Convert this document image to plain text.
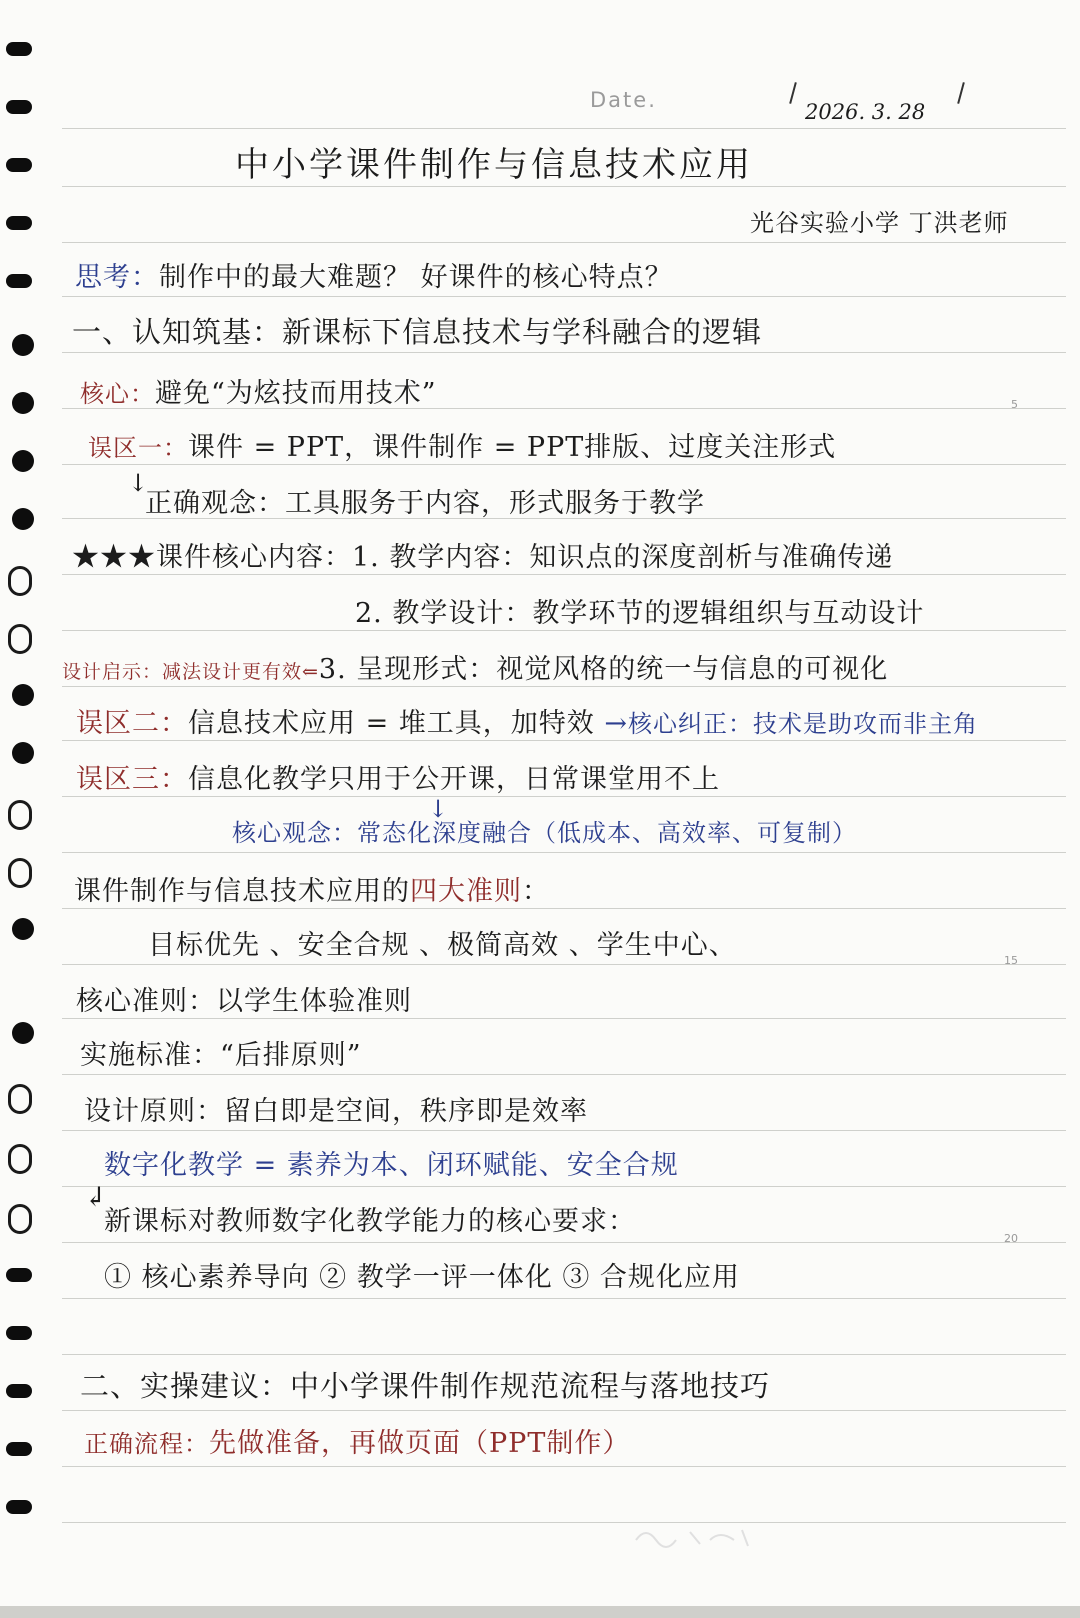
5
15
20
Date.	2026. 3. 28
中小学课件制作与信息技术应用
光谷实验小学 丁洪老师
思考：制作中的最大难题？ 好课件的核心特点？
一、认知筑基：新课标下信息技术与学科融合的逻辑
核心：避免“为炫技而用技术”
误区一：课件 = PPT，课件制作 = PPT排版、过度关注形式
↓
正确观念：工具服务于内容，形式服务于教学
★★★课件核心内容：1. 教学内容：知识点的深度剖析与准确传递
2. 教学设计：教学环节的逻辑组织与互动设计
设计启示：减法设计更有效⇐3. 呈现形式：视觉风格的统一与信息的可视化
误区二：信息技术应用 = 堆工具，加特效 →核心纠正：技术是助攻而非主角
误区三：信息化教学只用于公开课，日常课堂用不上
↓
核心观念：常态化深度融合（低成本、高效率、可复制）
课件制作与信息技术应用的四大准则：
目标优先 、安全合规 、极简高效 、学生中心、
核心准则：以学生体验准则
实施标准：“后排原则”
设计原则：留白即是空间，秩序即是效率
数字化教学 = 素养为本、闭环赋能、安全合规
↲
新课标对教师数字化教学能力的核心要求：
① 核心素养导向 ② 教学一评一体化 ③ 合规化应用
二、实操建议：中小学课件制作规范流程与落地技巧
正确流程：先做准备，再做页面（PPT制作）
